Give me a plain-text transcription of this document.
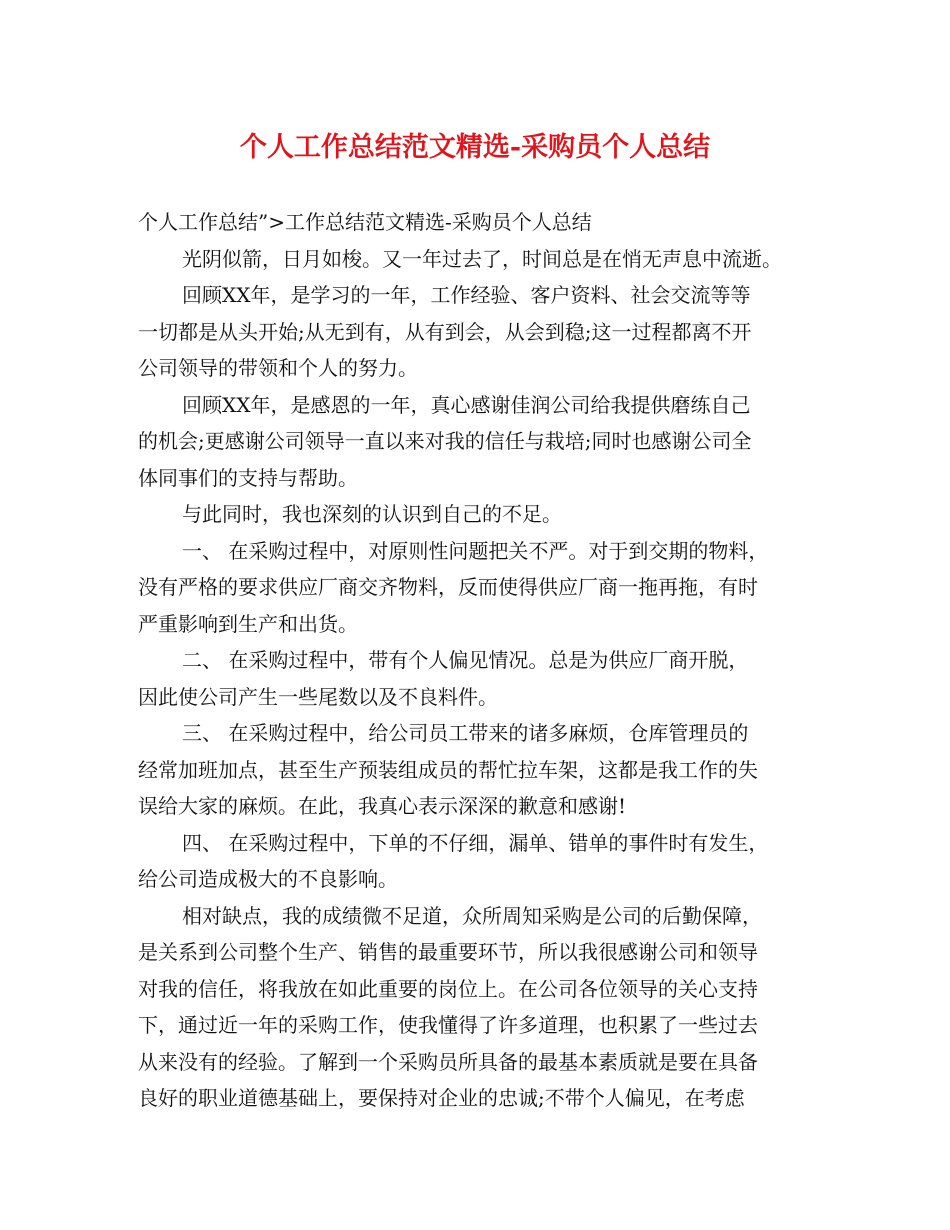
个人工作总结范文精选-采购员个人总结
个人工作总结”>工作总结范文精选-采购员个人总结
光阴似箭，日月如梭。又一年过去了，时间总是在悄无声息中流逝。
回顾XX年，是学习的一年，工作经验、客户资料、社会交流等等
一切都是从头开始;从无到有，从有到会，从会到稳;这一过程都离不开
公司领导的带领和个人的努力。
回顾XX年，是感恩的一年，真心感谢佳润公司给我提供磨练自己
的机会;更感谢公司领导一直以来对我的信任与栽培;同时也感谢公司全
体同事们的支持与帮助。
与此同时，我也深刻的认识到自己的不足。
一、 在采购过程中，对原则性问题把关不严。对于到交期的物料，
没有严格的要求供应厂商交齐物料，反而使得供应厂商一拖再拖，有时
严重影响到生产和出货。
二、 在采购过程中，带有个人偏见情况。总是为供应厂商开脱，
因此使公司产生一些尾数以及不良料件。
三、 在采购过程中，给公司员工带来的诸多麻烦，仓库管理员的
经常加班加点，甚至生产预装组成员的帮忙拉车架，这都是我工作的失
误给大家的麻烦。在此，我真心表示深深的歉意和感谢!
四、 在采购过程中，下单的不仔细，漏单、错单的事件时有发生，
给公司造成极大的不良影响。
相对缺点，我的成绩微不足道，众所周知采购是公司的后勤保障，
是关系到公司整个生产、销售的最重要环节，所以我很感谢公司和领导
对我的信任，将我放在如此重要的岗位上。在公司各位领导的关心支持
下，通过近一年的采购工作，使我懂得了许多道理，也积累了一些过去
从来没有的经验。了解到一个采购员所具备的最基本素质就是要在具备
良好的职业道德基础上，要保持对企业的忠诚;不带个人偏见，在考虑
